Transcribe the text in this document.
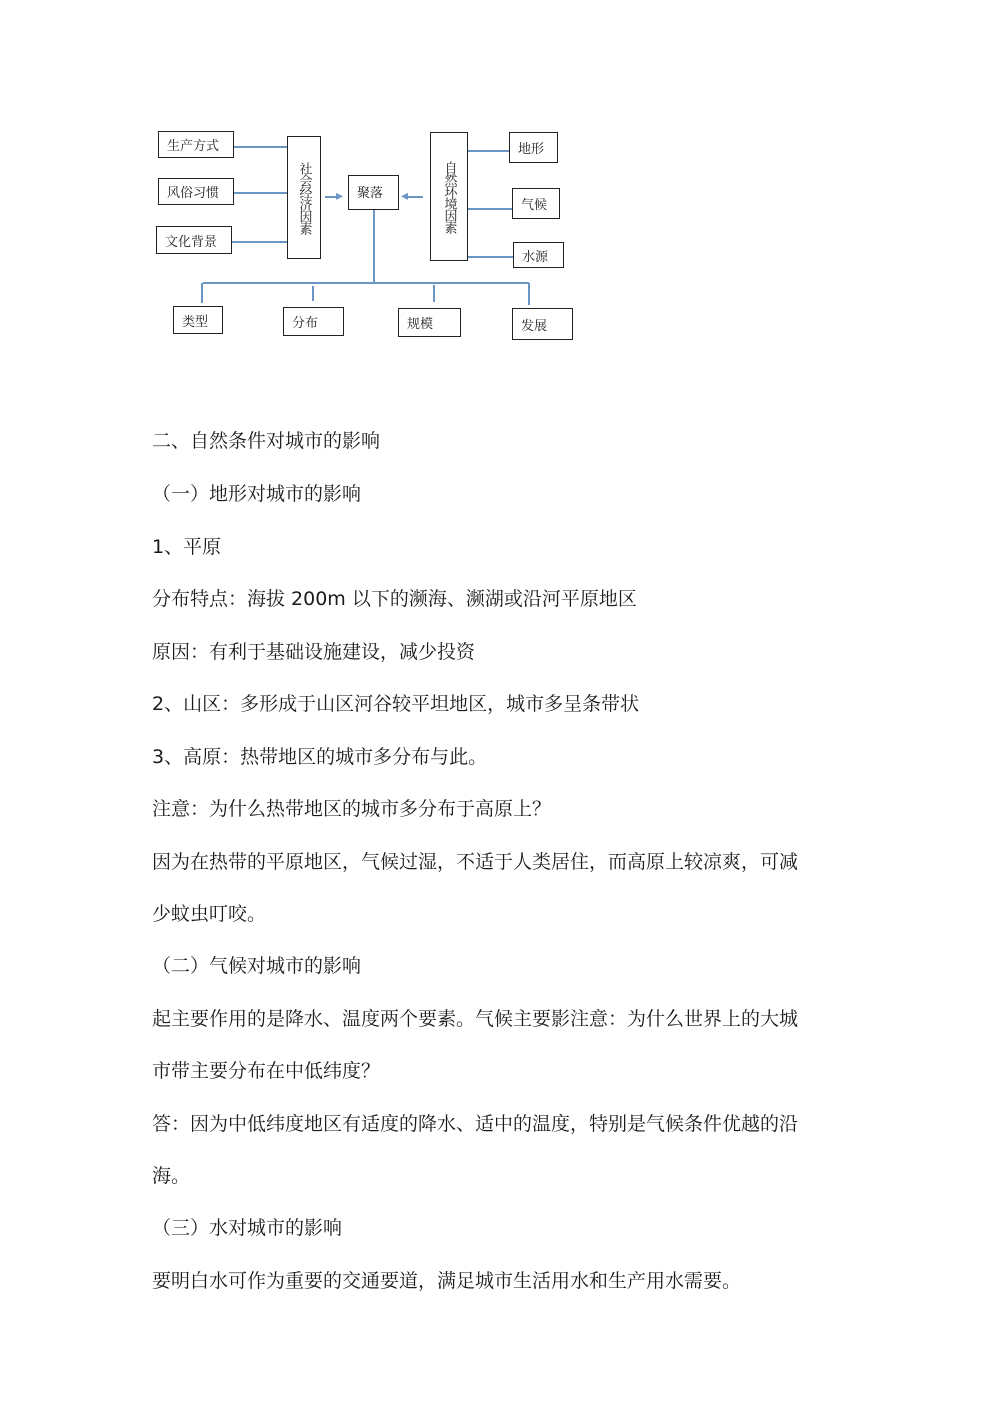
生产方式
风俗习惯
文化背景
社会经济因素 ▸ 聚落 ◂	自然环境因素
地形
气候
水源
类型	分布	规模	发展
二、自然条件对城市的影响
（一）地形对城市的影响
1、平原
分布特点：海拔 200m 以下的濒海、濒湖或沿河平原地区
原因：有利于基础设施建设，减少投资
2、山区：多形成于山区河谷较平坦地区，城市多呈条带状
3、高原：热带地区的城市多分布与此。
注意：为什么热带地区的城市多分布于高原上？
因为在热带的平原地区，气候过湿，不适于人类居住，而高原上较凉爽，可减
少蚊虫叮咬。
（二）气候对城市的影响
起主要作用的是降水、温度两个要素。气候主要影注意：为什么世界上的大城
市带主要分布在中低纬度？
答：因为中低纬度地区有适度的降水、适中的温度，特别是气候条件优越的沿
海。
（三）水对城市的影响
要明白水可作为重要的交通要道，满足城市生活用水和生产用水需要。
